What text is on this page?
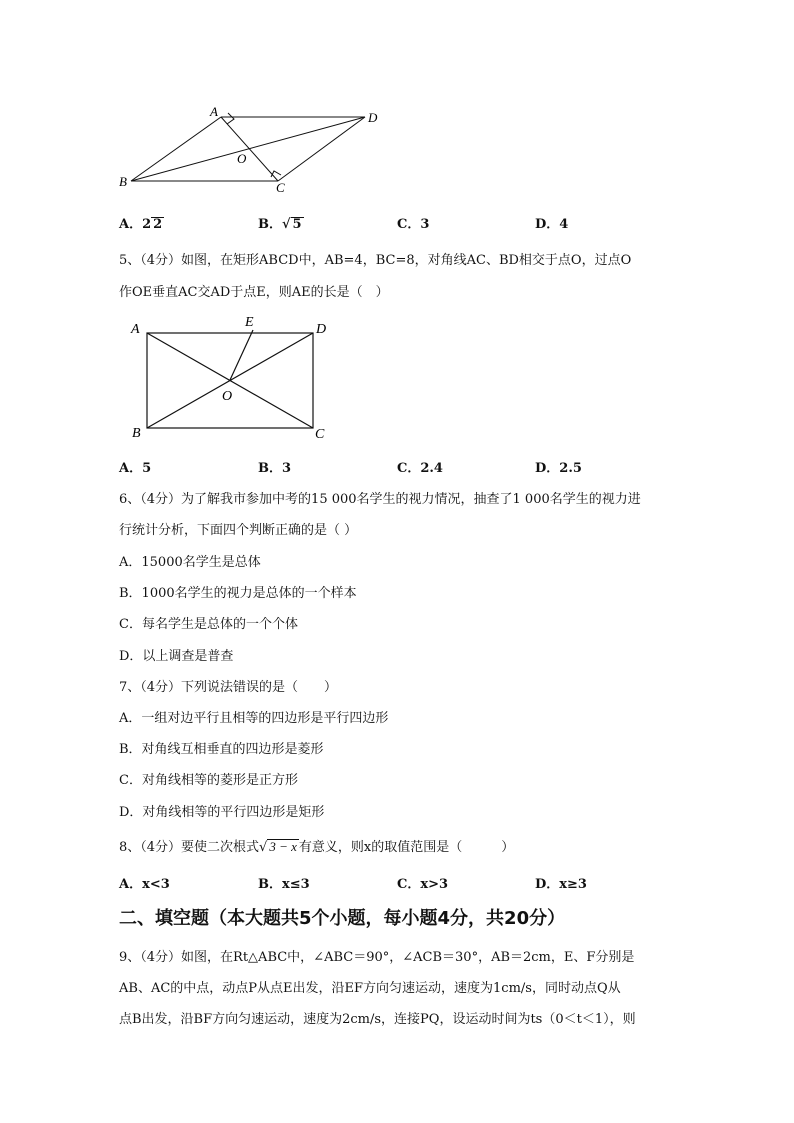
A	D
B	C
O
A．2 2	B．√ 5	C．3	D．4
5、（4分）如图，在矩形ABCD中，AB=4，BC=8，对角线AC、BD相交于点O，过点O
作OE垂直AC交AD于点E，则AE的长是（　）
A	E	D
O
B	C
A．5	B．3	C．2.4	D．2.5
6、（4分）为了解我市参加中考的15 000名学生的视力情况，抽查了1 000名学生的视力进
行统计分析，下面四个判断正确的是（ ）
A．15000名学生是总体
B．1000名学生的视力是总体的一个样本
C．每名学生是总体的一个个体
D．以上调查是普查
7、（4分）下列说法错误的是（　　）
A．一组对边平行且相等的四边形是平行四边形
B．对角线互相垂直的四边形是菱形
C．对角线相等的菱形是正方形
D．对角线相等的平行四边形是矩形
8、（4分）要使二次根式√ 3 − x 有意义，则x的取值范围是（　　　）
A．x<3	B．x≤3	C．x>3	D．x≥3
二、填空题（本大题共5个小题，每小题4分，共20分）
9、（4分）如图，在Rt△ABC中，∠ABC＝90°，∠ACB＝30°，AB＝2cm，E、F分别是
AB、AC的中点，动点P从点E出发，沿EF方向匀速运动，速度为1cm/s，同时动点Q从
点B出发，沿BF方向匀速运动，速度为2cm/s，连接PQ，设运动时间为ts（0＜t＜1），则
